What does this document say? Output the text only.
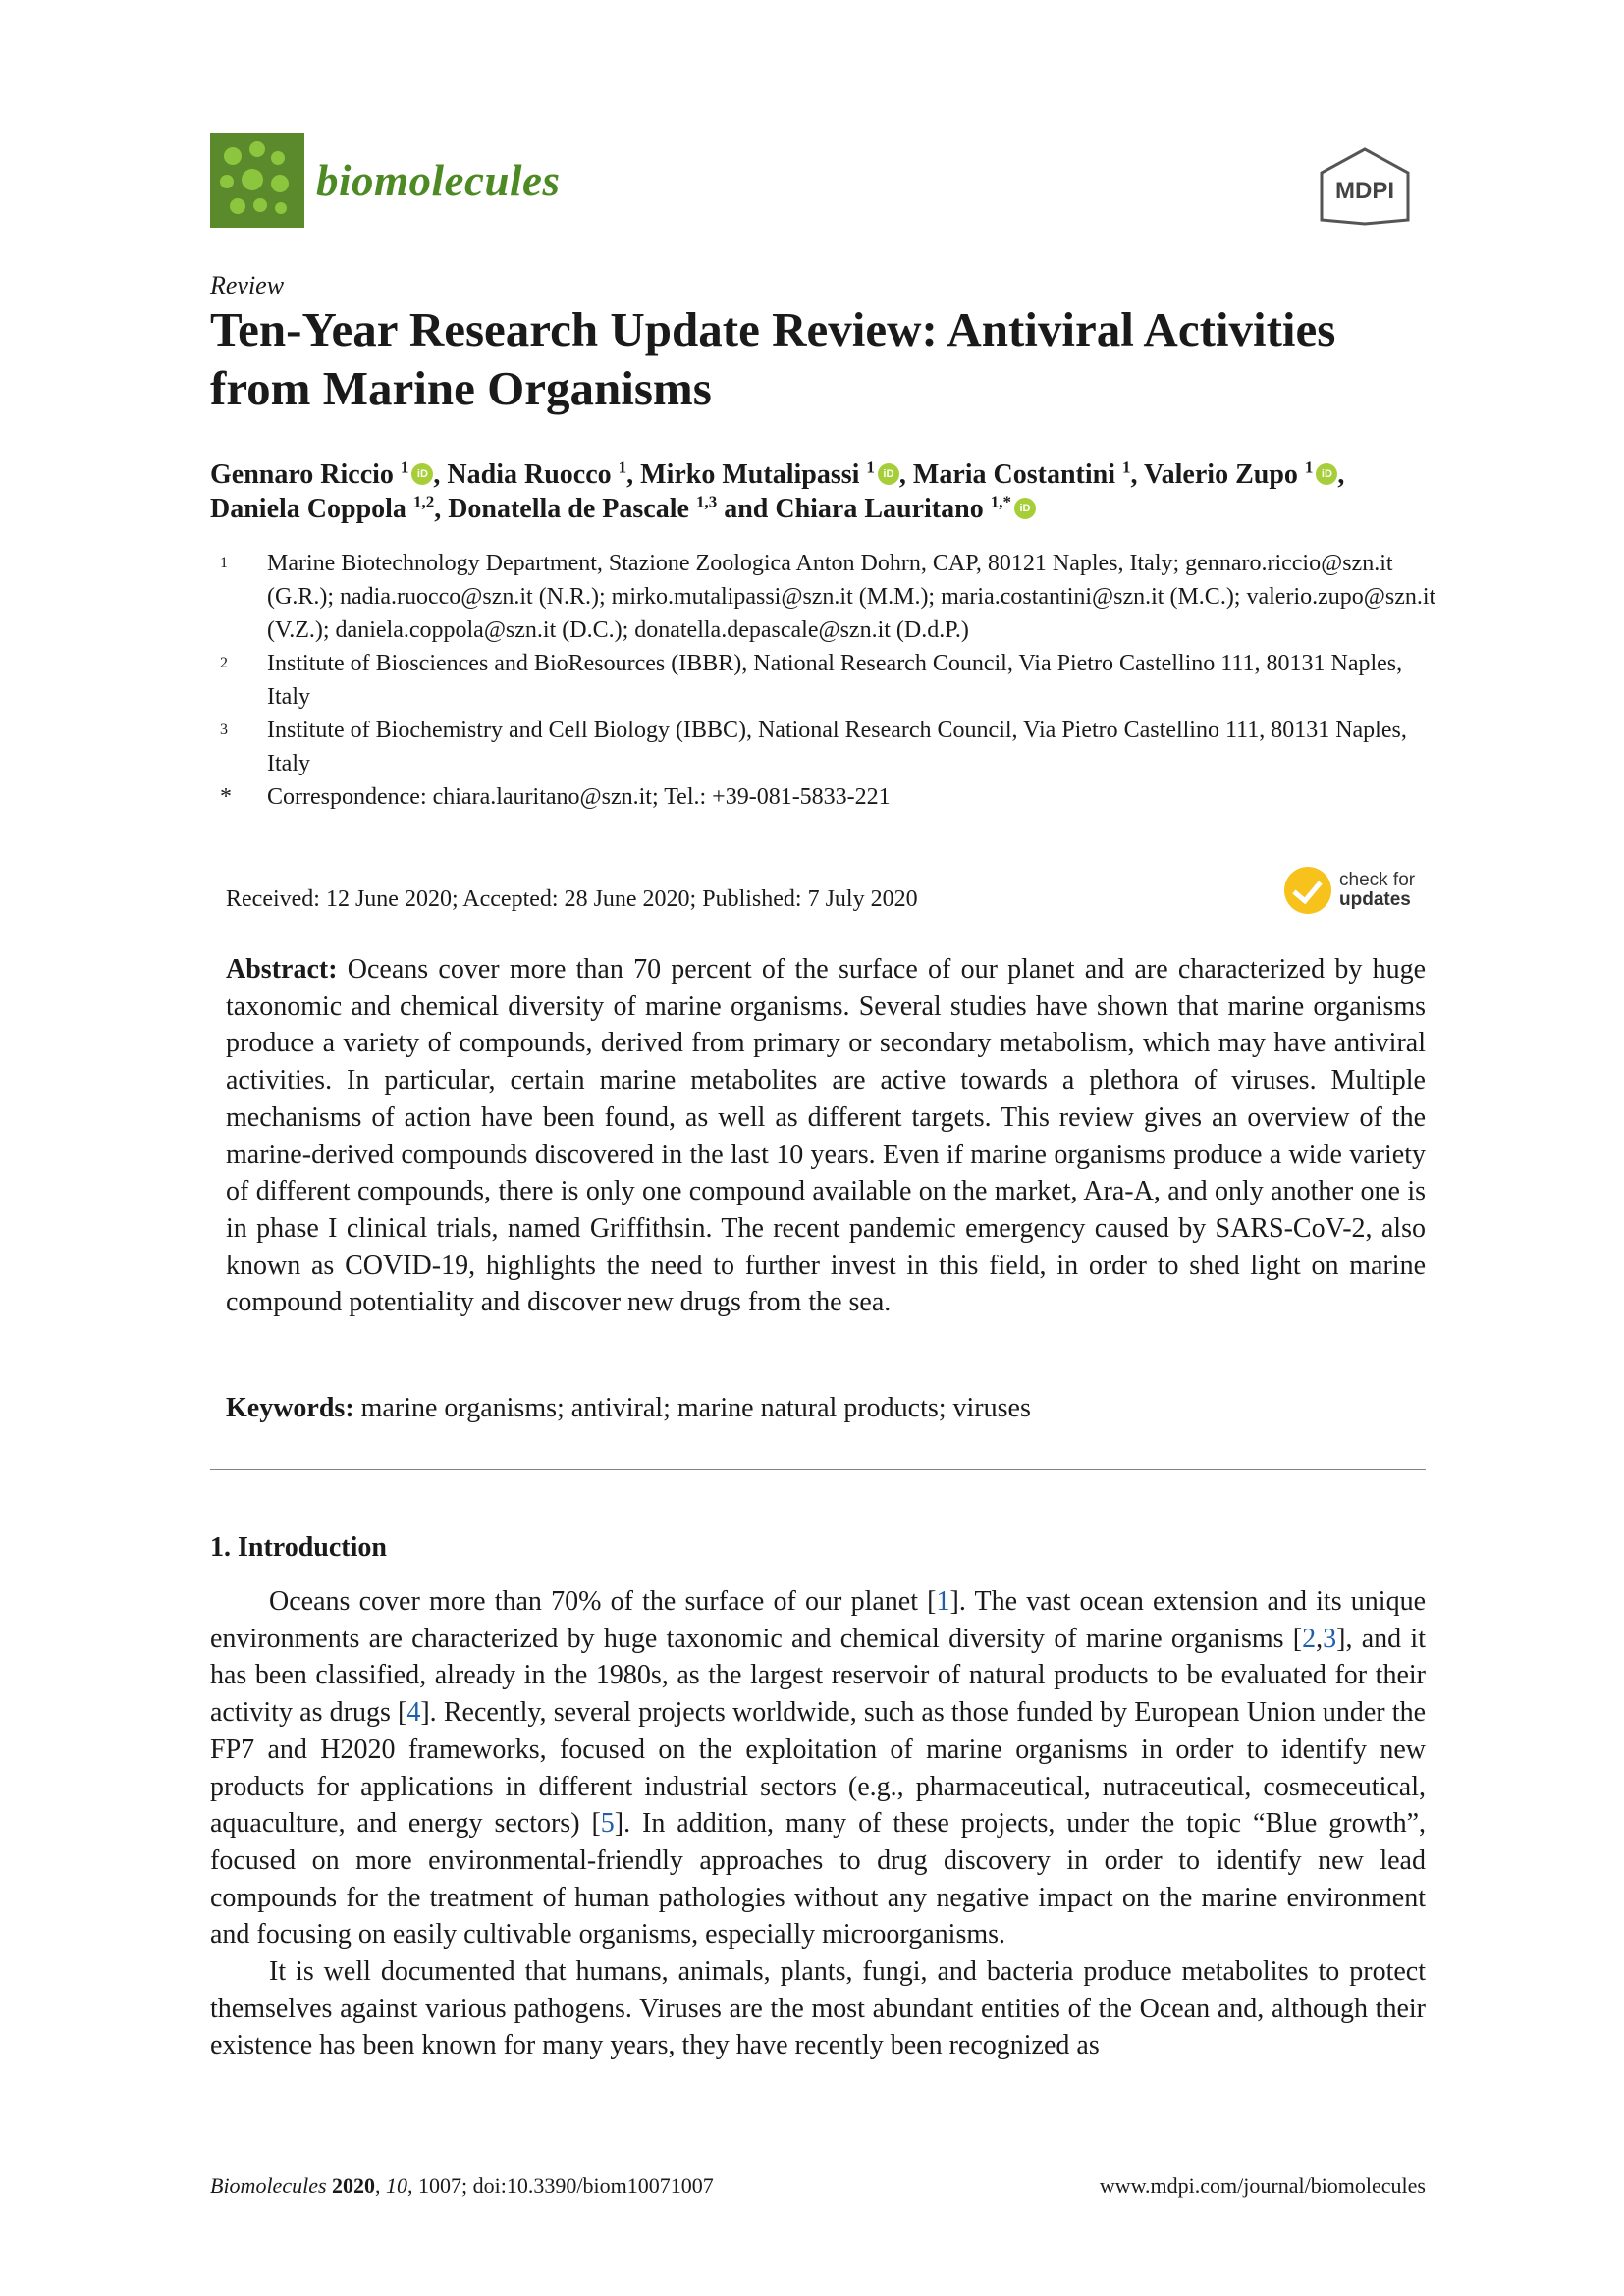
biomolecules	MDPI
Review
Ten-Year Research Update Review: Antiviral Activities from Marine Organisms
Gennaro Riccio $^1$ iD , Nadia Ruocco $^1$, Mirko Mutalipassi $^1$ iD , Maria Costantini $^1$, Valerio Zupo $^1$ iD ,
Daniela Coppola $^{1,2}$, Donatella de Pascale $^{1,3}$ and Chiara Lauritano $^{1,*}$ iD
1	Marine Biotechnology Department, Stazione Zoologica Anton Dohrn, CAP, 80121 Naples, Italy; gennaro.riccio@szn.it (G.R.); nadia.ruocco@szn.it (N.R.); mirko.mutalipassi@szn.it (M.M.); maria.costantini@szn.it (M.C.); valerio.zupo@szn.it (V.Z.); daniela.coppola@szn.it (D.C.); donatella.depascale@szn.it (D.d.P.)
2	Institute of Biosciences and BioResources (IBBR), National Research Council, Via Pietro Castellino 111, 80131 Naples, Italy
3	Institute of Biochemistry and Cell Biology (IBBC), National Research Council, Via Pietro Castellino 111, 80131 Naples, Italy
*	Correspondence: chiara.lauritano@szn.it; Tel.: +39-081-5833-221
Received: 12 June 2020; Accepted: 28 June 2020; Published: 7 July 2020
check for
updates

Abstract: Oceans cover more than 70 percent of the surface of our planet and are characterized by huge taxonomic and chemical diversity of marine organisms. Several studies have shown that marine organisms produce a variety of compounds, derived from primary or secondary metabolism, which may have antiviral activities. In particular, certain marine metabolites are active towards a plethora of viruses. Multiple mechanisms of action have been found, as well as different targets. This review gives an overview of the marine-derived compounds discovered in the last 10 years. Even if marine organisms produce a wide variety of different compounds, there is only one compound available on the market, Ara-A, and only another one is in phase I clinical trials, named Griffithsin. The recent pandemic emergency caused by SARS-CoV-2, also known as COVID-19, highlights the need to further invest in this field, in order to shed light on marine compound potentiality and discover new drugs from the sea.

Keywords: marine organisms; antiviral; marine natural products; viruses

1. Introduction

Oceans cover more than 70% of the surface of our planet [1]. The vast ocean extension and its unique environments are characterized by huge taxonomic and chemical diversity of marine organisms [2,3], and it has been classified, already in the 1980s, as the largest reservoir of natural products to be evaluated for their activity as drugs [4]. Recently, several projects worldwide, such as those funded by European Union under the FP7 and H2020 frameworks, focused on the exploitation of marine organisms in order to identify new products for applications in different industrial sectors (e.g., pharmaceutical, nutraceutical, cosmeceutical, aquaculture, and energy sectors) [5]. In addition, many of these projects, under the topic “Blue growth”, focused on more environmental-friendly approaches to drug discovery in order to identify new lead compounds for the treatment of human pathologies without any negative impact on the marine environment and focusing on easily cultivable organisms, especially microorganisms.

It is well documented that humans, animals, plants, fungi, and bacteria produce metabolites to protect themselves against various pathogens. Viruses are the most abundant entities of the Ocean and, although their existence has been known for many years, they have recently been recognized as

Biomolecules 2020, 10, 1007; doi:10.3390/biom10071007	www.mdpi.com/journal/biomolecules
